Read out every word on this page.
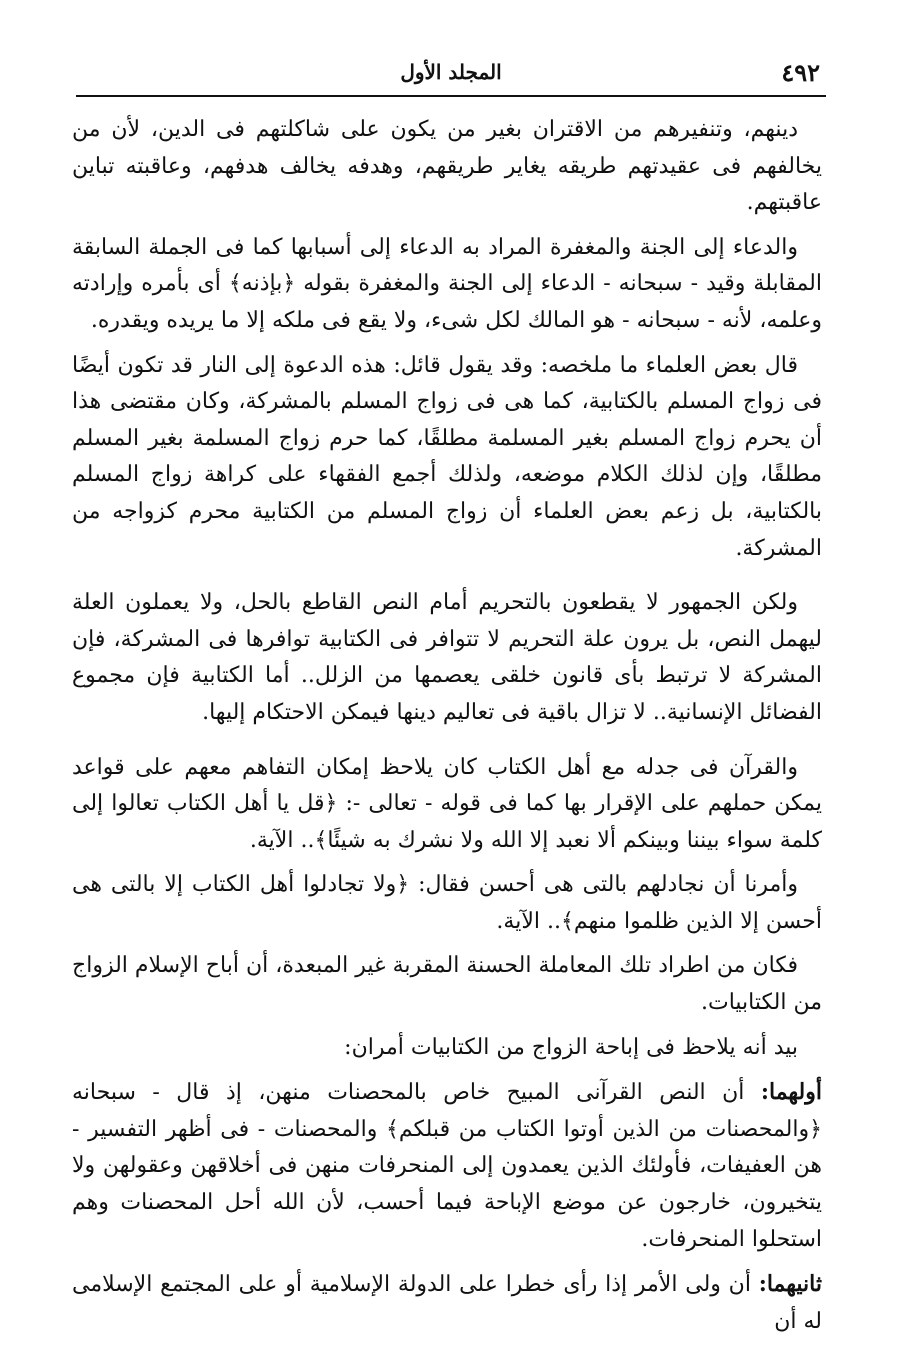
٤٩٢
المجلد الأول

دينهم، وتنفيرهم من الاقتران بغير من يكون على شاكلتهم فى الدين، لأن من يخالفهم فى عقيدتهم طريقه يغاير طريقهم، وهدفه يخالف هدفهم، وعاقبته تباين عاقبتهم.

والدعاء إلى الجنة والمغفرة المراد به الدعاء إلى أسبابها كما فى الجملة السابقة المقابلة وقيد - سبحانه - الدعاء إلى الجنة والمغفرة بقوله ﴿بإذنه﴾ أى بأمره وإرادته وعلمه، لأنه - سبحانه - هو المالك لكل شىء، ولا يقع فى ملكه إلا ما يريده ويقدره.

قال بعض العلماء ما ملخصه: وقد يقول قائل: هذه الدعوة إلى النار قد تكون أيضًا فى زواج المسلم بالكتابية، كما هى فى زواج المسلم بالمشركة، وكان مقتضى هذا أن يحرم زواج المسلم بغير المسلمة مطلقًا، كما حرم زواج المسلمة بغير المسلم مطلقًا، وإن لذلك الكلام موضعه، ولذلك أجمع الفقهاء على كراهة زواج المسلم بالكتابية، بل زعم بعض العلماء أن زواج المسلم من الكتابية محرم كزواجه من المشركة.

ولكن الجمهور لا يقطعون بالتحريم أمام النص القاطع بالحل، ولا يعملون العلة ليهمل النص، بل يرون علة التحريم لا تتوافر فى الكتابية توافرها فى المشركة، فإن المشركة لا ترتبط بأى قانون خلقى يعصمها من الزلل.. أما الكتابية فإن مجموع الفضائل الإنسانية.. لا تزال باقية فى تعاليم دينها فيمكن الاحتكام إليها.

والقرآن فى جدله مع أهل الكتاب كان يلاحظ إمكان التفاهم معهم على قواعد يمكن حملهم على الإقرار بها كما فى قوله - تعالى -: ﴿قل يا أهل الكتاب تعالوا إلى كلمة سواء بيننا وبينكم ألا نعبد إلا الله ولا نشرك به شيئًا﴾.. الآية.

وأمرنا أن نجادلهم بالتى هى أحسن فقال: ﴿ولا تجادلوا أهل الكتاب إلا بالتى هى أحسن إلا الذين ظلموا منهم﴾.. الآية.

فكان من اطراد تلك المعاملة الحسنة المقربة غير المبعدة، أن أباح الإسلام الزواج من الكتابيات.

بيد أنه يلاحظ فى إباحة الزواج من الكتابيات أمران:

أولهما: أن النص القرآنى المبيح خاص بالمحصنات منهن، إذ قال - سبحانه ﴿والمحصنات من الذين أوتوا الكتاب من قبلكم﴾ والمحصنات - فى أظهر التفسير - هن العفيفات، فأولئك الذين يعمدون إلى المنحرفات منهن فى أخلاقهن وعقولهن ولا يتخيرون، خارجون عن موضع الإباحة فيما أحسب، لأن الله أحل المحصنات وهم استحلوا المنحرفات.

ثانيهما: أن ولى الأمر إذا رأى خطرا على الدولة الإسلامية أو على المجتمع الإسلامى له أن
